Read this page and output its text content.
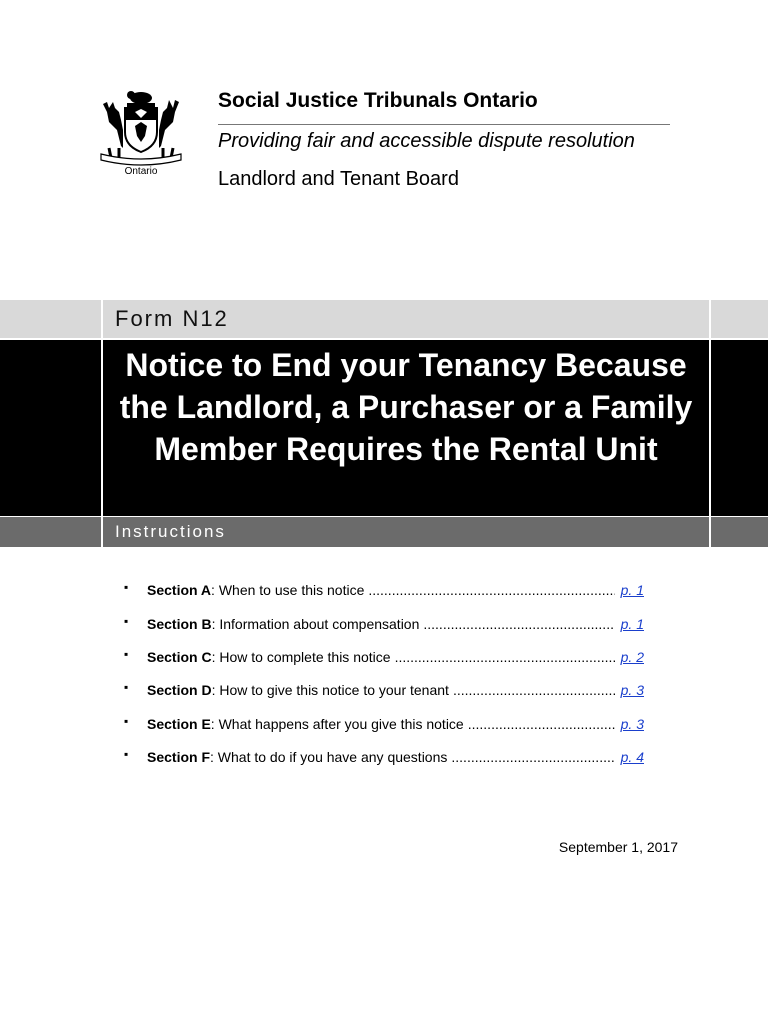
Ontario
Social Justice Tribunals Ontario
Providing fair and accessible dispute resolution
Landlord and Tenant Board
Form N12
Notice to End your Tenancy Because the Landlord, a Purchaser or a Family Member Requires the Rental Unit
Instructions
▪ Section A : When to use this notice .....	p. 1
▪ Section B : Information about compensation .....	p. 1
▪ Section C : How to complete this notice .....	p. 2
▪ Section D : How to give this notice to your tenant .....	p. 3
▪ Section E : What happens after you give this notice .....	p. 3
▪ Section F : What to do if you have any questions .....	p. 4
September 1, 2017
